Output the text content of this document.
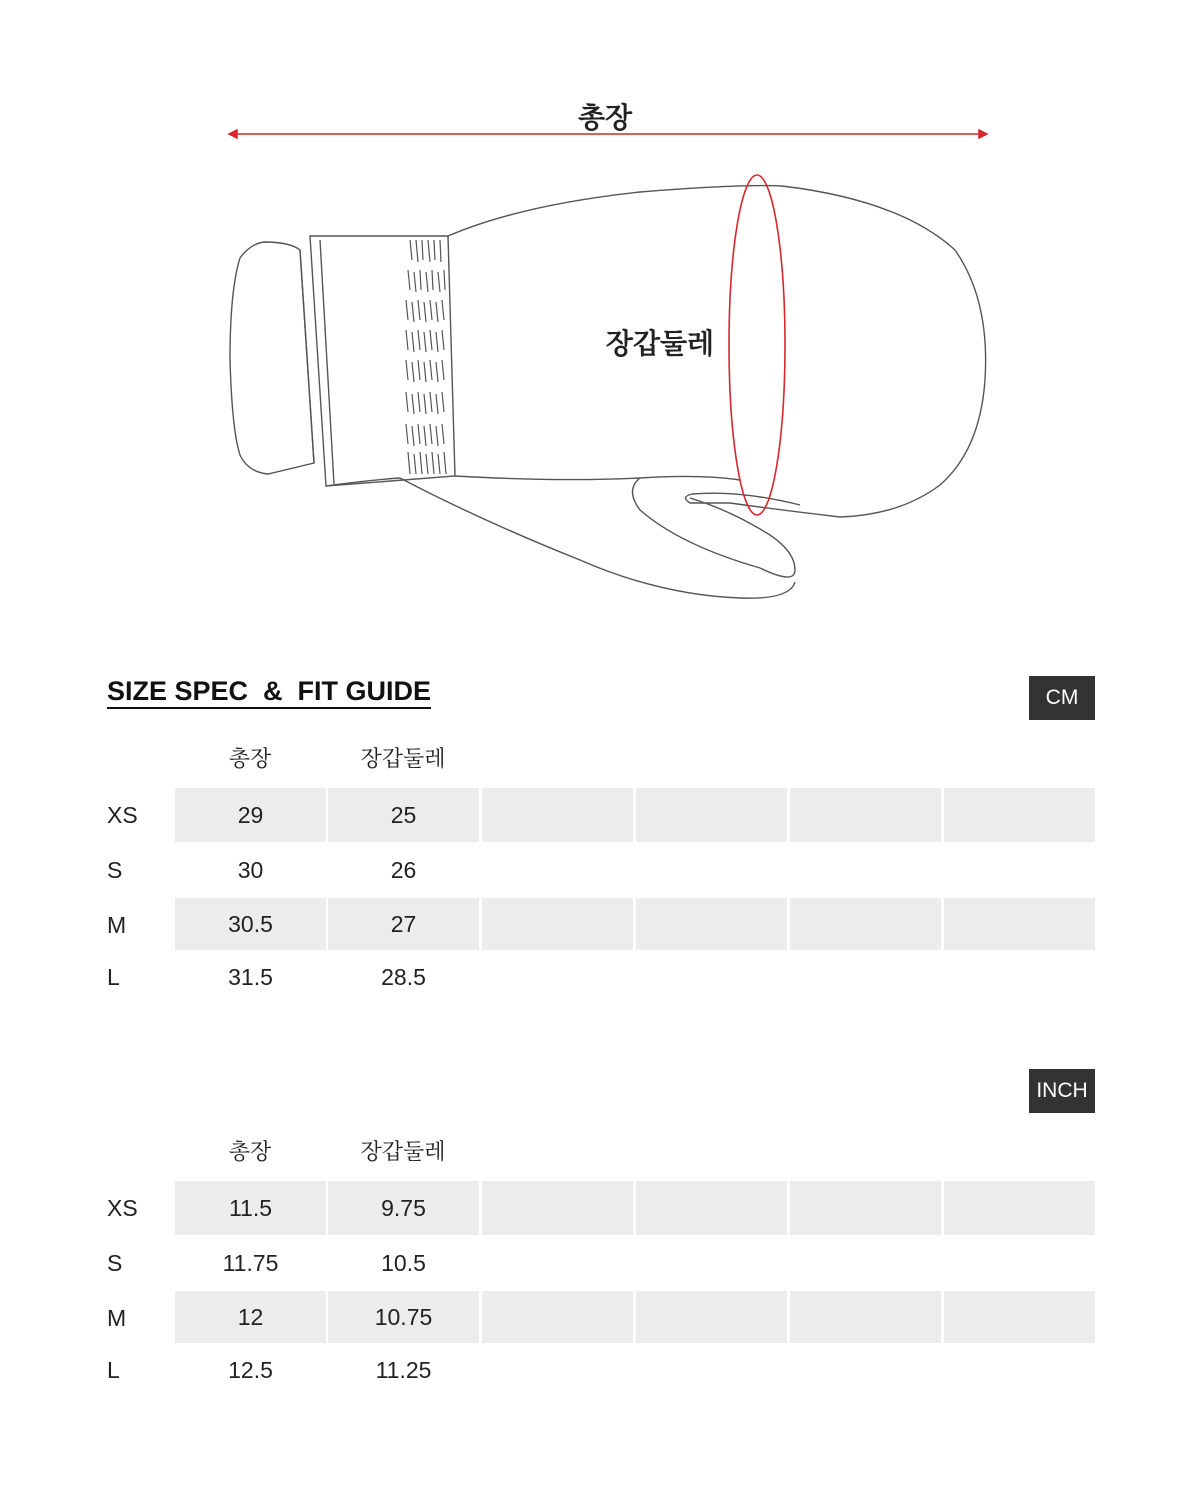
총장
장갑둘레
SIZE SPEC  &  FIT GUIDE	CM
총장	장갑둘레
XS	29	25
S	30	26
M	30.5	27
L	31.5	28.5
INCH
총장	장갑둘레
XS	11.5	9.75
S	11.75	10.5
M	12	10.75
L	12.5	11.25
